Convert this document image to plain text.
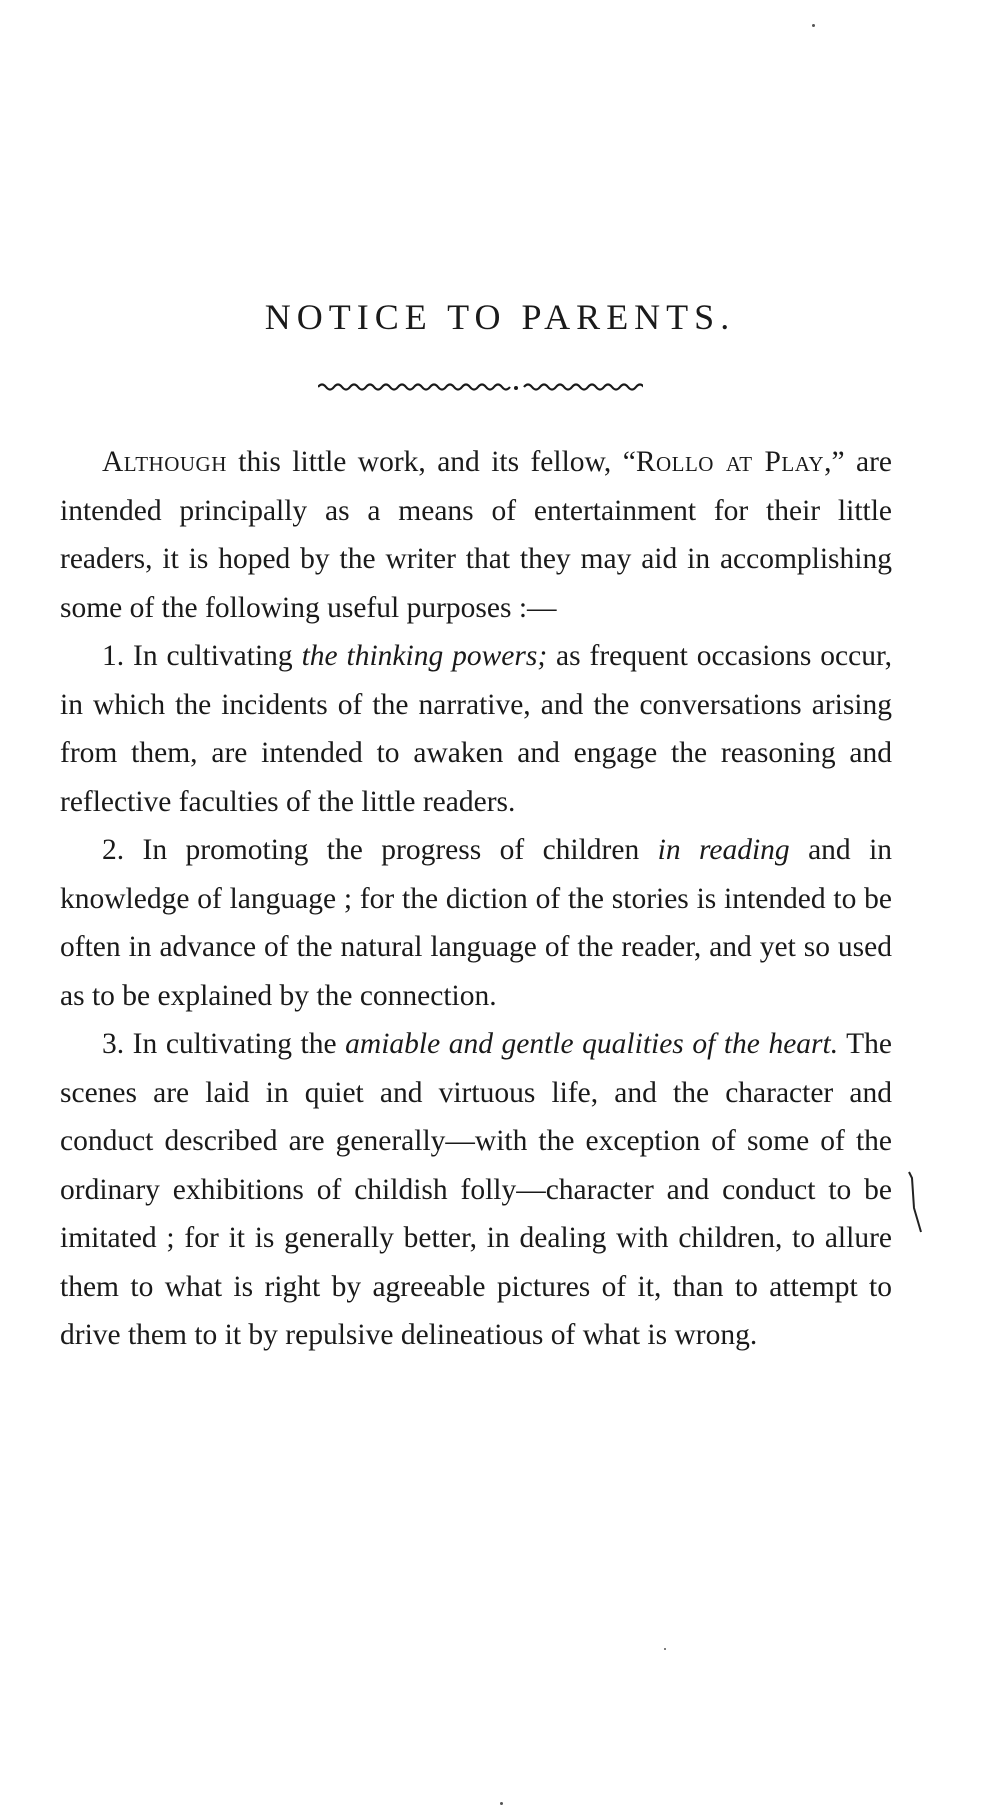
NOTICE TO PARENTS.

Although this little work, and its fellow, “Rollo at Play,” are intended principally as a means of entertainment for their little readers, it is hoped by the writer that they may aid in accomplishing some of the following useful purposes :—

1. In cultivating the thinking powers; as frequent occasions occur, in which the incidents of the narrative, and the conversations arising from them, are intended to awaken and engage the reasoning and reflective faculties of the little readers.

2. In promoting the progress of children in reading and in knowledge of language ; for the diction of the stories is intended to be often in advance of the natural language of the reader, and yet so used as to be explained by the connection.

3. In cultivating the amiable and gentle qualities of the heart. The scenes are laid in quiet and virtuous life, and the character and conduct described are generally—with the exception of some of the ordinary exhibitions of childish folly—character and conduct to be imitated ; for it is generally better, in dealing with children, to allure them to what is right by agreeable pictures of it, than to attempt to drive them to it by repulsive delineatious of what is wrong.
